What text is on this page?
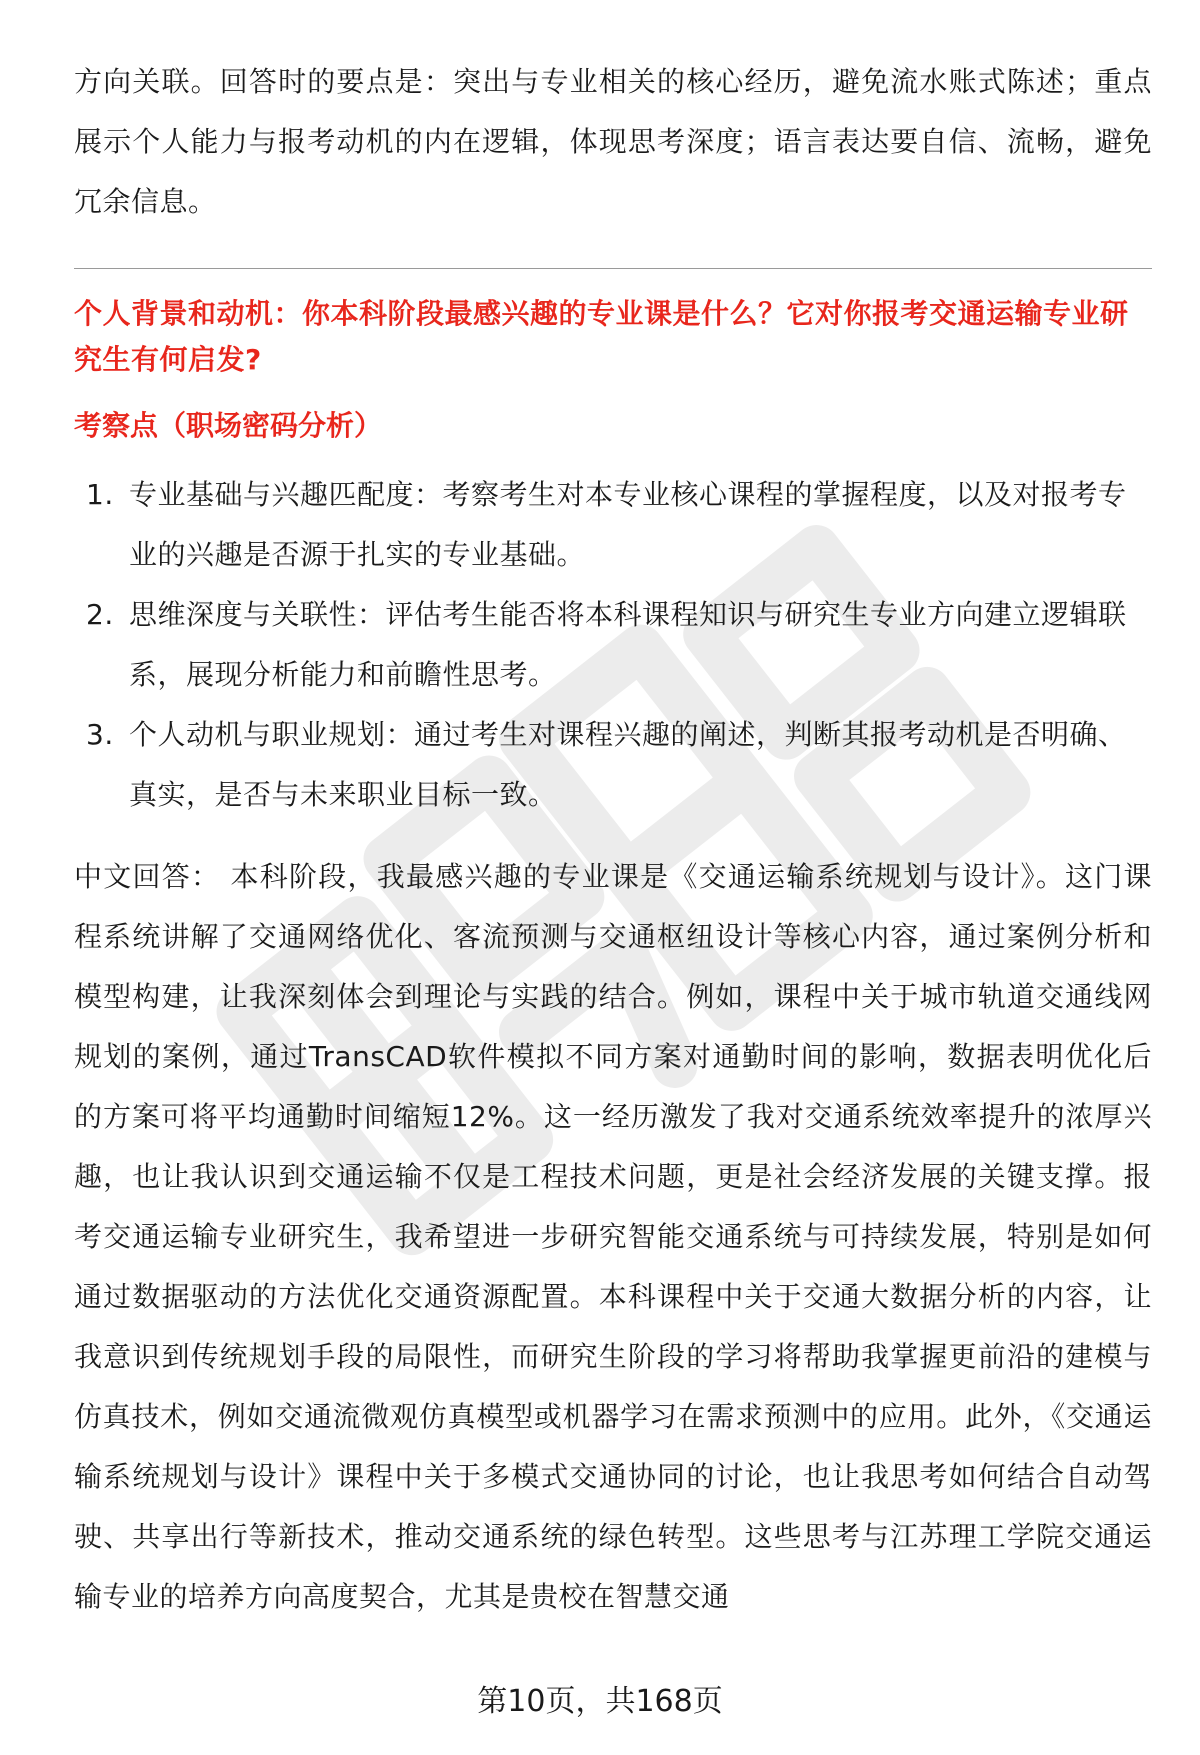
方向关联。回答时的要点是：突出与专业相关的核心经历，避免流水账式陈述；重点展示个人能力与报考动机的内在逻辑，体现思考深度；语言表达要自信、流畅，避免冗余信息。

个人背景和动机：你本科阶段最感兴趣的专业课是什么？它对你报考交通运输专业研究生有何启发?

考察点（职场密码分析）

1. 专业基础与兴趣匹配度：考察考生对本专业核心课程的掌握程度，以及对报考专业的兴趣是否源于扎实的专业基础。
2. 思维深度与关联性：评估考生能否将本科课程知识与研究生专业方向建立逻辑联系，展现分析能力和前瞻性思考。
3. 个人动机与职业规划：通过考生对课程兴趣的阐述，判断其报考动机是否明确、真实，是否与未来职业目标一致。

中文回答： 本科阶段，我最感兴趣的专业课是《交通运输系统规划与设计》。这门课程系统讲解了交通网络优化、客流预测与交通枢纽设计等核心内容，通过案例分析和模型构建，让我深刻体会到理论与实践的结合。例如，课程中关于城市轨道交通线网规划的案例，通过TransCAD软件模拟不同方案对通勤时间的影响，数据表明优化后的方案可将平均通勤时间缩短12%。这一经历激发了我对交通系统效率提升的浓厚兴趣，也让我认识到交通运输不仅是工程技术问题，更是社会经济发展的关键支撑。报考交通运输专业研究生，我希望进一步研究智能交通系统与可持续发展，特别是如何通过数据驱动的方法优化交通资源配置。本科课程中关于交通大数据分析的内容，让我意识到传统规划手段的局限性，而研究生阶段的学习将帮助我掌握更前沿的建模与仿真技术，例如交通流微观仿真模型或机器学习在需求预测中的应用。此外，《交通运输系统规划与设计》课程中关于多模式交通协同的讨论，也让我思考如何结合自动驾驶、共享出行等新技术，推动交通系统的绿色转型。这些思考与江苏理工学院交通运输专业的培养方向高度契合，尤其是贵校在智慧交通

第10页，共168页
